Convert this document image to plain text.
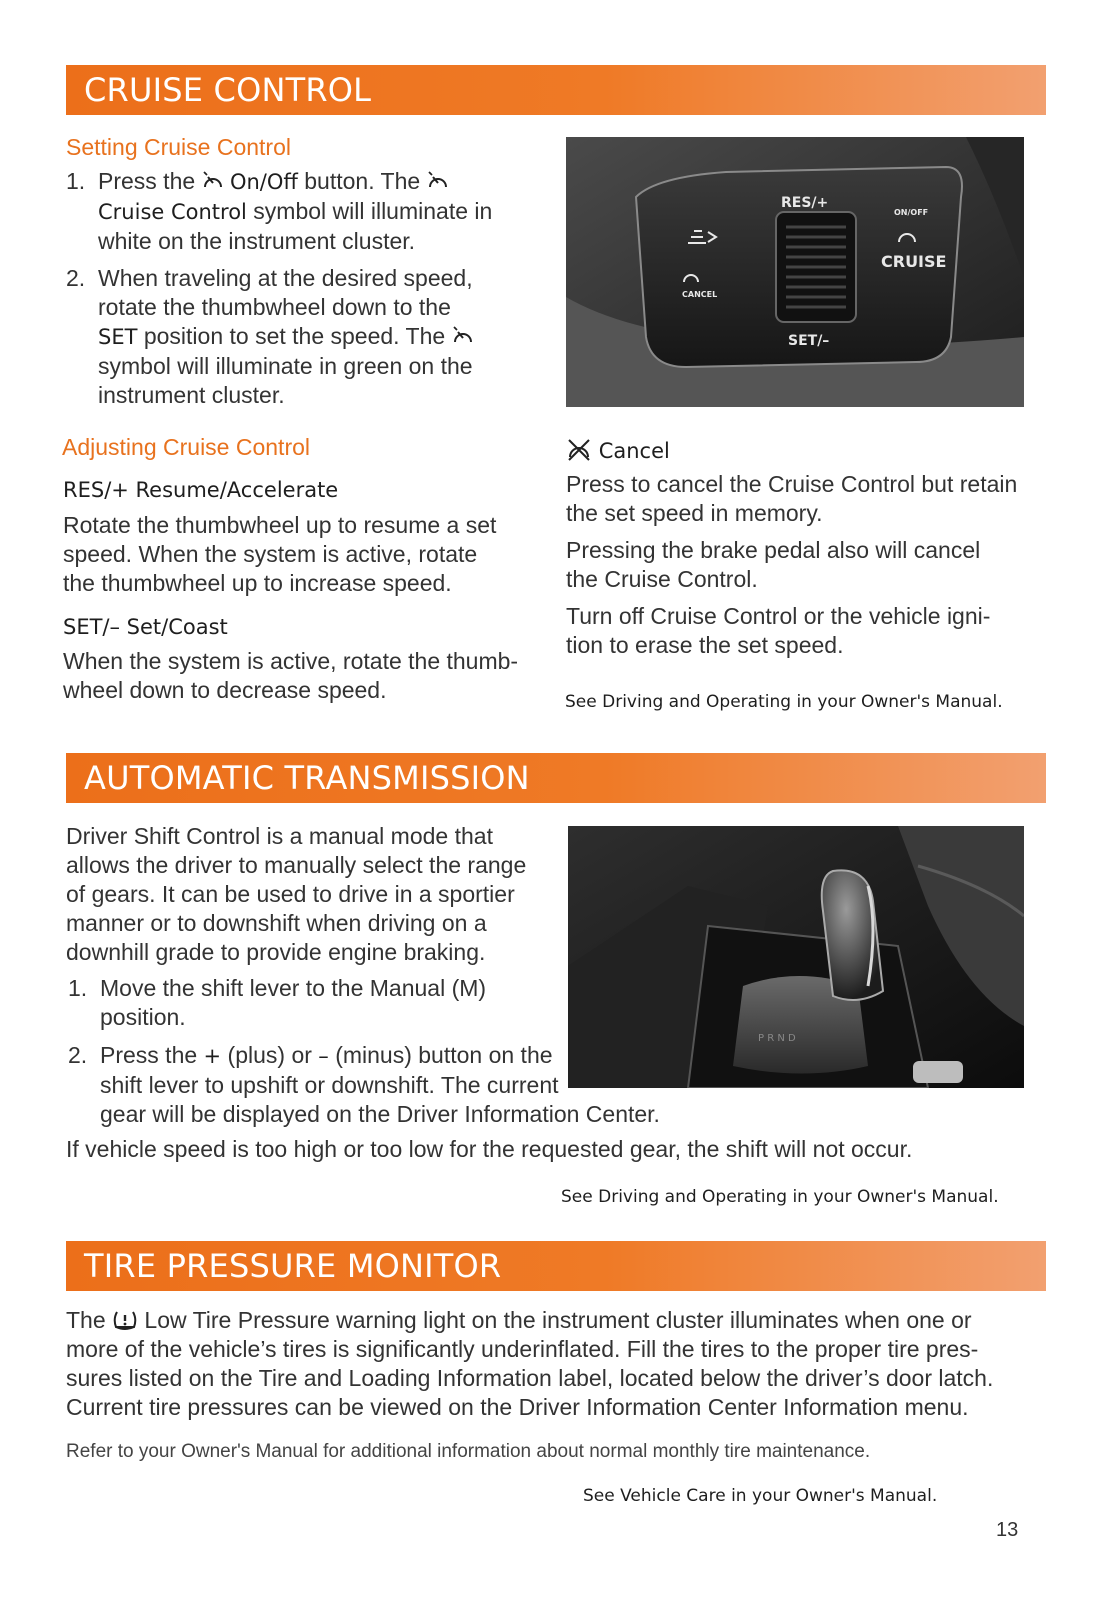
CRUISE CONTROL
Setting Cruise Control
1. Press the On/Off button. The
Cruise Control symbol will illuminate in
white on the instrument cluster.
2. When traveling at the desired speed,
rotate the thumbwheel down to the
SET position to set the speed. The
symbol will illuminate in green on the
instrument cluster.
RES/+
SET/–
ON/OFF
CRUISE
CANCEL
Adjusting Cruise Control
RES/+ Resume/Accelerate
Rotate the thumbwheel up to resume a set
speed. When the system is active, rotate
the thumbwheel up to increase speed.
SET/– Set/Coast
When the system is active, rotate the thumb-
wheel down to decrease speed.
Cancel
Press to cancel the Cruise Control but retain
the set speed in memory.
Pressing the brake pedal also will cancel
the Cruise Control.
Turn off Cruise Control or the vehicle igni-
tion to erase the set speed.
See Driving and Operating in your Owner's Manual.
AUTOMATIC TRANSMISSION
Driver Shift Control is a manual mode that
allows the driver to manually select the range
of gears. It can be used to drive in a sportier
manner or to downshift when driving on a
downhill grade to provide engine braking.
1. Move the shift lever to the Manual (M)
position.
2. Press the + (plus) or – (minus) button on the
shift lever to upshift or downshift. The current
gear will be displayed on the Driver Information Center.
P R N D
If vehicle speed is too high or too low for the requested gear, the shift will not occur.
See Driving and Operating in your Owner's Manual.
TIRE PRESSURE MONITOR
The Low Tire Pressure warning light on the instrument cluster illuminates when one or
more of the vehicle’s tires is significantly underinflated. Fill the tires to the proper tire pres-
sures listed on the Tire and Loading Information label, located below the driver’s door latch.
Current tire pressures can be viewed on the Driver Information Center Information menu.
Refer to your Owner's Manual for additional information about normal monthly tire maintenance.
See Vehicle Care in your Owner's Manual.
13
